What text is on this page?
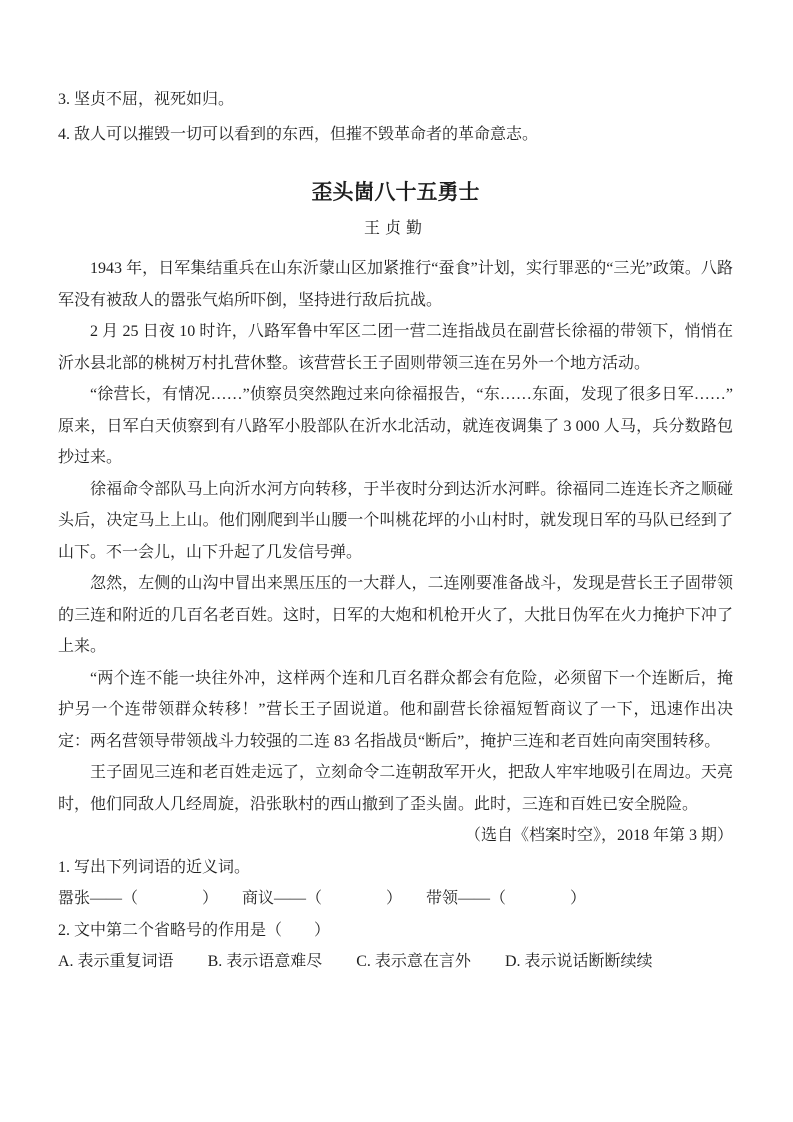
3. 坚贞不屈，视死如归。

4. 敌人可以摧毁一切可以看到的东西，但摧不毁革命者的革命意志。

歪头崮八十五勇士
王贞勤

1943 年，日军集结重兵在山东沂蒙山区加紧推行“蚕食”计划，实行罪恶的“三光”政策。八路军没有被敌人的嚣张气焰所吓倒，坚持进行敌后抗战。

2 月 25 日夜 10 时许，八路军鲁中军区二团一营二连指战员在副营长徐福的带领下，悄悄在沂水县北部的桃树万村扎营休整。该营营长王子固则带领三连在另外一个地方活动。

“徐营长，有情况……”侦察员突然跑过来向徐福报告，“东……东面，发现了很多日军……”原来，日军白天侦察到有八路军小股部队在沂水北活动，就连夜调集了 3 000 人马，兵分数路包抄过来。

徐福命令部队马上向沂水河方向转移，于半夜时分到达沂水河畔。徐福同二连连长齐之顺碰头后，决定马上上山。他们刚爬到半山腰一个叫桃花坪的小山村时，就发现日军的马队已经到了山下。不一会儿，山下升起了几发信号弹。

忽然，左侧的山沟中冒出来黑压压的一大群人，二连刚要准备战斗，发现是营长王子固带领的三连和附近的几百名老百姓。这时，日军的大炮和机枪开火了，大批日伪军在火力掩护下冲了上来。

“两个连不能一块往外冲，这样两个连和几百名群众都会有危险，必须留下一个连断后，掩护另一个连带领群众转移！”营长王子固说道。他和副营长徐福短暂商议了一下，迅速作出决定：两名营领导带领战斗力较强的二连 83 名指战员“断后”，掩护三连和老百姓向南突围转移。

王子固见三连和老百姓走远了，立刻命令二连朝敌军开火，把敌人牢牢地吸引在周边。天亮时，他们同敌人几经周旋，沿张耿村的西山撤到了歪头崮。此时，三连和百姓已安全脱险。

（选自《档案时空》，2018 年第 3 期）

1. 写出下列词语的近义词。

嚣张——（　　　　） 商议——（　　　　） 带领——（　　　　）

2. 文中第二个省略号的作用是（　　）

A. 表示重复词语 B. 表示语意难尽 C. 表示意在言外 D. 表示说话断断续续
